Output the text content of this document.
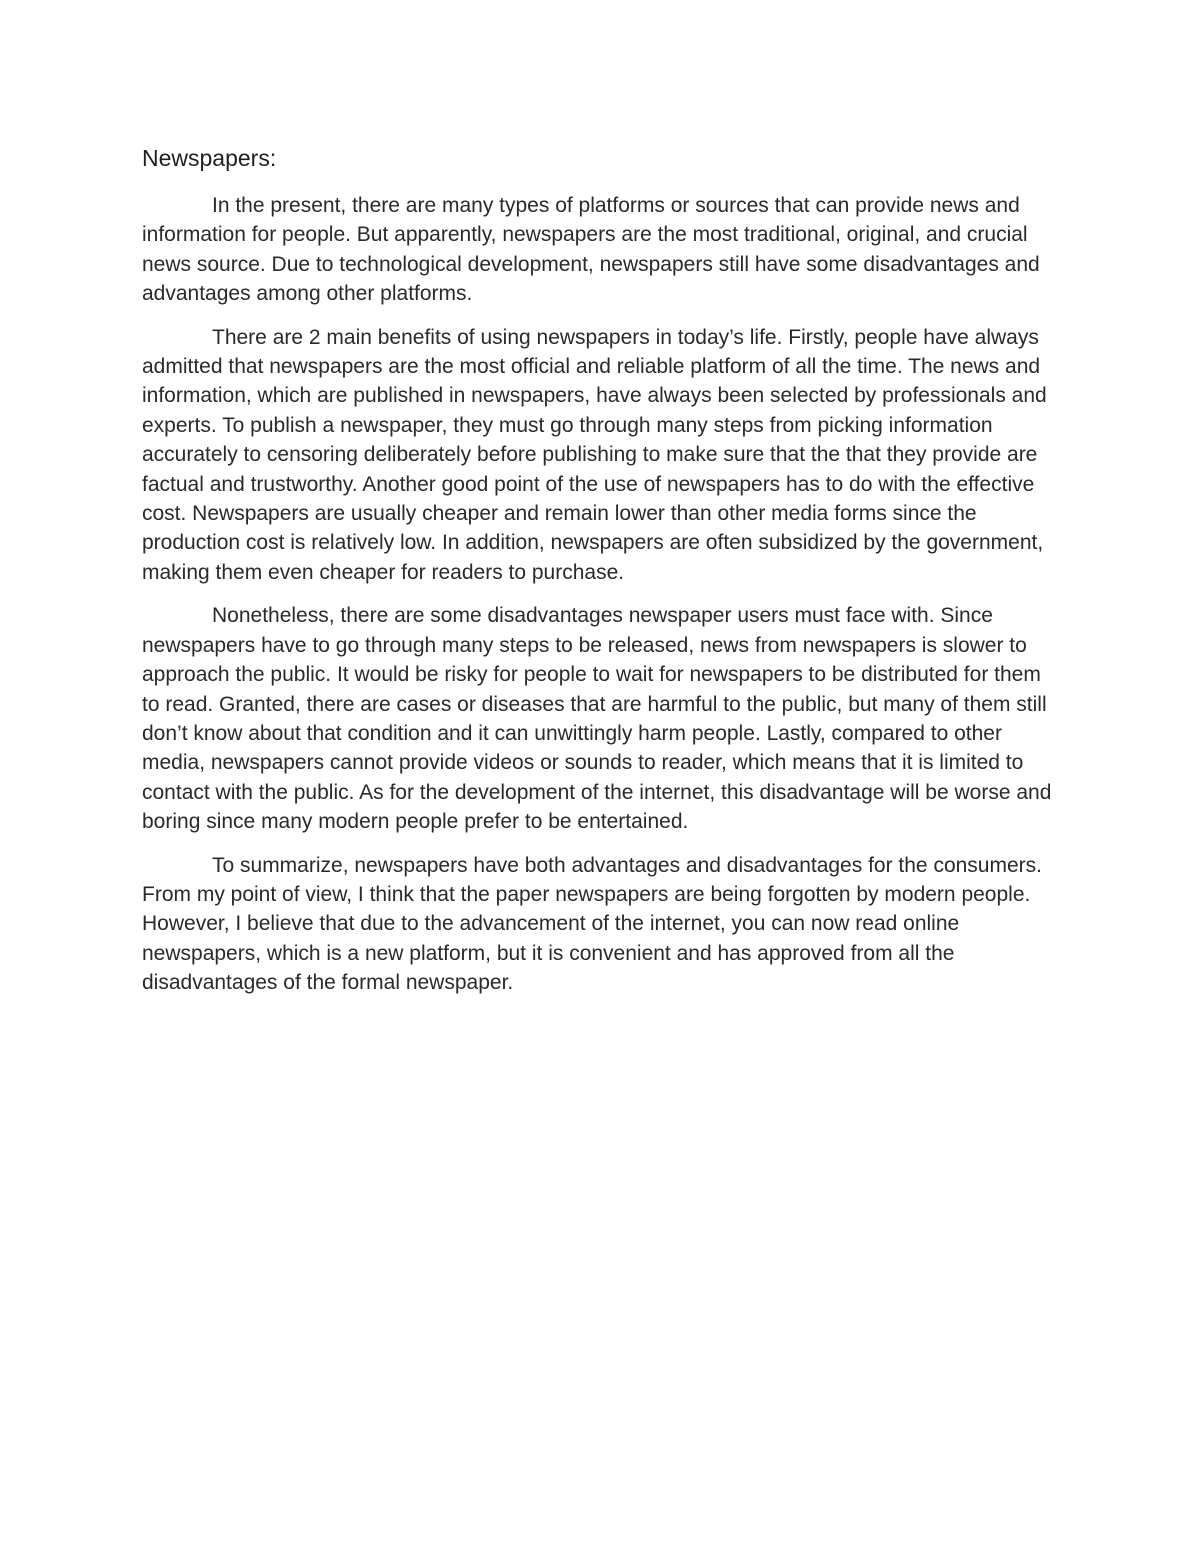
Newspapers:

In the present, there are many types of platforms or sources that can provide news and information for people. But apparently, newspapers are the most traditional, original, and crucial news source. Due to technological development, newspapers still have some disadvantages and advantages among other platforms.

There are 2 main benefits of using newspapers in today’s life. Firstly, people have always admitted that newspapers are the most official and reliable platform of all the time. The news and information, which are published in newspapers, have always been selected by professionals and experts. To publish a newspaper, they must go through many steps from picking information accurately to censoring deliberately before publishing to make sure that the that they provide are factual and trustworthy. Another good point of the use of newspapers has to do with the effective cost. Newspapers are usually cheaper and remain lower than other media forms since the production cost is relatively low. In addition, newspapers are often subsidized by the government, making them even cheaper for readers to purchase.

Nonetheless, there are some disadvantages newspaper users must face with. Since newspapers have to go through many steps to be released, news from newspapers is slower to approach the public. It would be risky for people to wait for newspapers to be distributed for them to read. Granted, there are cases or diseases that are harmful to the public, but many of them still don’t know about that condition and it can unwittingly harm people. Lastly, compared to other media, newspapers cannot provide videos or sounds to reader, which means that it is limited to contact with the public. As for the development of the internet, this disadvantage will be worse and boring since many modern people prefer to be entertained.

To summarize, newspapers have both advantages and disadvantages for the consumers. From my point of view, I think that the paper newspapers are being forgotten by modern people. However, I believe that due to the advancement of the internet, you can now read online newspapers, which is a new platform, but it is convenient and has approved from all the disadvantages of the formal newspaper.
